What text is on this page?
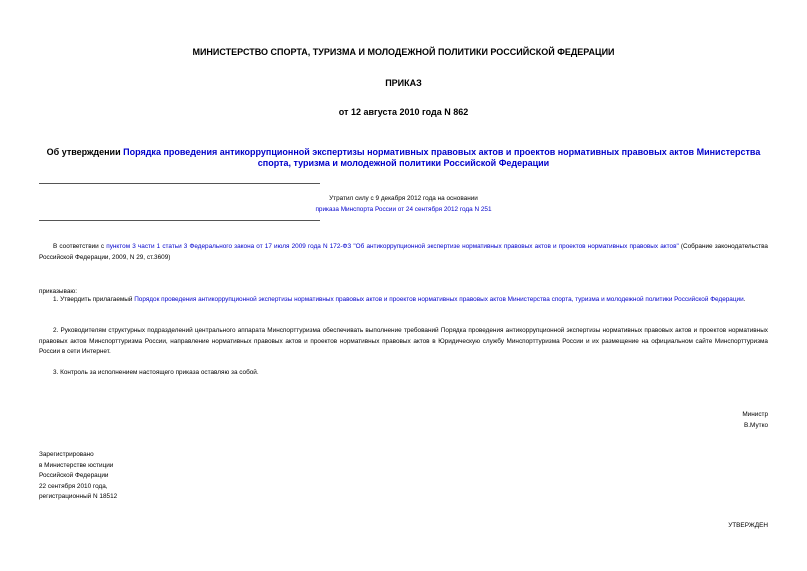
МИНИСТЕРСТВО СПОРТА, ТУРИЗМА И МОЛОДЕЖНОЙ ПОЛИТИКИ РОССИЙСКОЙ ФЕДЕРАЦИИ
ПРИКАЗ
от 12 августа 2010 года N 862
Об утверждении Порядка проведения антикоррупционной экспертизы нормативных правовых актов и проектов нормативных правовых актов Министерства спорта, туризма и молодежной политики Российской Федерации
Утратил силу с 9 декабря 2012 года на основании
приказа Минспорта России от 24 сентября 2012 года N 251
В соответствии с пунктом 3 части 1 статьи 3 Федерального закона от 17 июля 2009 года N 172-ФЗ "Об антикоррупционной экспертизе нормативных правовых актов и проектов нормативных правовых актов" (Собрание законодательства Российской Федерации, 2009, N 29, ст.3609)
приказываю:
1. Утвердить прилагаемый Порядок проведения антикоррупционной экспертизы нормативных правовых актов и проектов нормативных правовых актов Министерства спорта, туризма и молодежной политики Российской Федерации.
2. Руководителям структурных подразделений центрального аппарата Минспорттуризма обеспечивать выполнение требований Порядка проведения антикоррупционной экспертизы нормативных правовых актов и проектов нормативных правовых актов Минспорттуризма России, направление нормативных правовых актов и проектов нормативных правовых актов в Юридическую службу Минспорттуризма России и их размещение на официальном сайте Минспорттуризма России в сети Интернет.
3. Контроль за исполнением настоящего приказа оставляю за собой.
Министр
В.Мутко
Зарегистрировано
в Министерстве юстиции
Российской Федерации
22 сентября 2010 года,
регистрационный N 18512
УТВЕРЖДЕН
